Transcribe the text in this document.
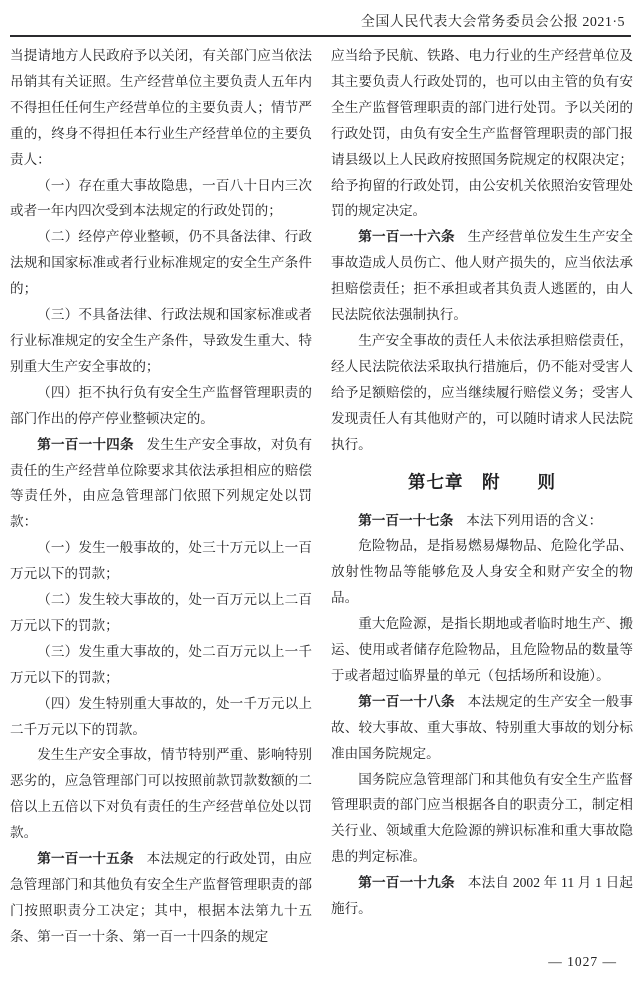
全国人民代表大会常务委员会公报 2021·5

当提请地方人民政府予以关闭，有关部门应当依法吊销其有关证照。生产经营单位主要负责人五年内不得担任任何生产经营单位的主要负责人；情节严重的，终身不得担任本行业生产经营单位的主要负责人：

（一）存在重大事故隐患，一百八十日内三次或者一年内四次受到本法规定的行政处罚的；

（二）经停产停业整顿，仍不具备法律、行政法规和国家标准或者行业标准规定的安全生产条件的；

（三）不具备法律、行政法规和国家标准或者行业标准规定的安全生产条件，导致发生重大、特别重大生产安全事故的；

（四）拒不执行负有安全生产监督管理职责的部门作出的停产停业整顿决定的。

第一百一十四条 发生生产安全事故，对负有责任的生产经营单位除要求其依法承担相应的赔偿等责任外，由应急管理部门依照下列规定处以罚款：

（一）发生一般事故的，处三十万元以上一百万元以下的罚款；

（二）发生较大事故的，处一百万元以上二百万元以下的罚款；

（三）发生重大事故的，处二百万元以上一千万元以下的罚款；

（四）发生特别重大事故的，处一千万元以上二千万元以下的罚款。

发生生产安全事故，情节特别严重、影响特别恶劣的，应急管理部门可以按照前款罚款数额的二倍以上五倍以下对负有责任的生产经营单位处以罚款。

第一百一十五条 本法规定的行政处罚，由应急管理部门和其他负有安全生产监督管理职责的部门按照职责分工决定；其中，根据本法第九十五条、第一百一十条、第一百一十四条的规定

应当给予民航、铁路、电力行业的生产经营单位及其主要负责人行政处罚的，也可以由主管的负有安全生产监督管理职责的部门进行处罚。予以关闭的行政处罚，由负有安全生产监督管理职责的部门报请县级以上人民政府按照国务院规定的权限决定；给予拘留的行政处罚，由公安机关依照治安管理处罚的规定决定。

第一百一十六条 生产经营单位发生生产安全事故造成人员伤亡、他人财产损失的，应当依法承担赔偿责任；拒不承担或者其负责人逃匿的，由人民法院依法强制执行。

生产安全事故的责任人未依法承担赔偿责任，经人民法院依法采取执行措施后，仍不能对受害人给予足额赔偿的，应当继续履行赔偿义务；受害人发现责任人有其他财产的，可以随时请求人民法院执行。

第七章　附　　则

第一百一十七条 本法下列用语的含义：

危险物品，是指易燃易爆物品、危险化学品、放射性物品等能够危及人身安全和财产安全的物品。

重大危险源，是指长期地或者临时地生产、搬运、使用或者储存危险物品，且危险物品的数量等于或者超过临界量的单元（包括场所和设施）。

第一百一十八条 本法规定的生产安全一般事故、较大事故、重大事故、特别重大事故的划分标准由国务院规定。

国务院应急管理部门和其他负有安全生产监督管理职责的部门应当根据各自的职责分工，制定相关行业、领域重大危险源的辨识标准和重大事故隐患的判定标准。

第一百一十九条 本法自 2002 年 11 月 1 日起施行。

— 1027 —
